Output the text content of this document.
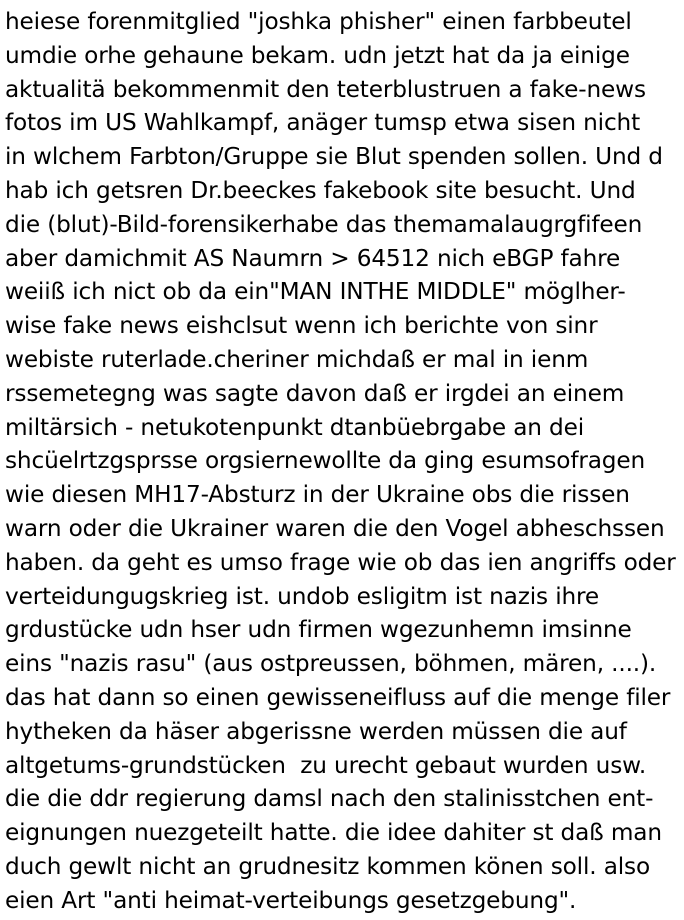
heiese forenmitglied "joshka phisher" einen farbbeutel
umdie orhe gehaune bekam. udn jetzt hat da ja einige
aktualitä bekommenmit den teterblustruen a fake-news
fotos im US Wahlkampf, anäger tumsp etwa sisen nicht
in wlchem Farbton/Gruppe sie Blut spenden sollen. Und d
hab ich getsren Dr.beeckes fakebook site besucht. Und
die (blut)-Bild-forensikerhabe das themamalaugrgfifeen
aber damichmit AS Naumrn > 64512 nich eBGP fahre
weiiß ich nict ob da ein"MAN INTHE MIDDLE" möglher-
wise fake news eishclsut wenn ich berichte von sinr
webiste ruterlade.cheriner michdaß er mal in ienm
rssemetegng was sagte davon daß er irgdei an einem
miltärsich - netukotenpunkt dtanbüebrgabe an dei
shcüelrtzgsprsse orgsiernewollte da ging esumsofragen
wie diesen MH17-Absturz in der Ukraine obs die rissen
warn oder die Ukrainer waren die den Vogel abheschssen
haben. da geht es umso frage wie ob das ien angriffs oder
verteidungugskrieg ist. undob esligitm ist nazis ihre
grdustücke udn hser udn firmen wgezunhemn imsinne
eins "nazis rasu" (aus ostpreussen, böhmen, mären, ....).
das hat dann so einen gewisseneifluss auf die menge filer
hytheken da häser abgerissne werden müssen die auf
altgetums-grundstücken  zu urecht gebaut wurden usw.
die die ddr regierung damsl nach den stalinisstchen ent-
eignungen nuezgeteilt hatte. die idee dahiter st daß man
duch gewlt nicht an grudnesitz kommen könen soll. also
eien Art "anti heimat-verteibungs gesetzgebung".
